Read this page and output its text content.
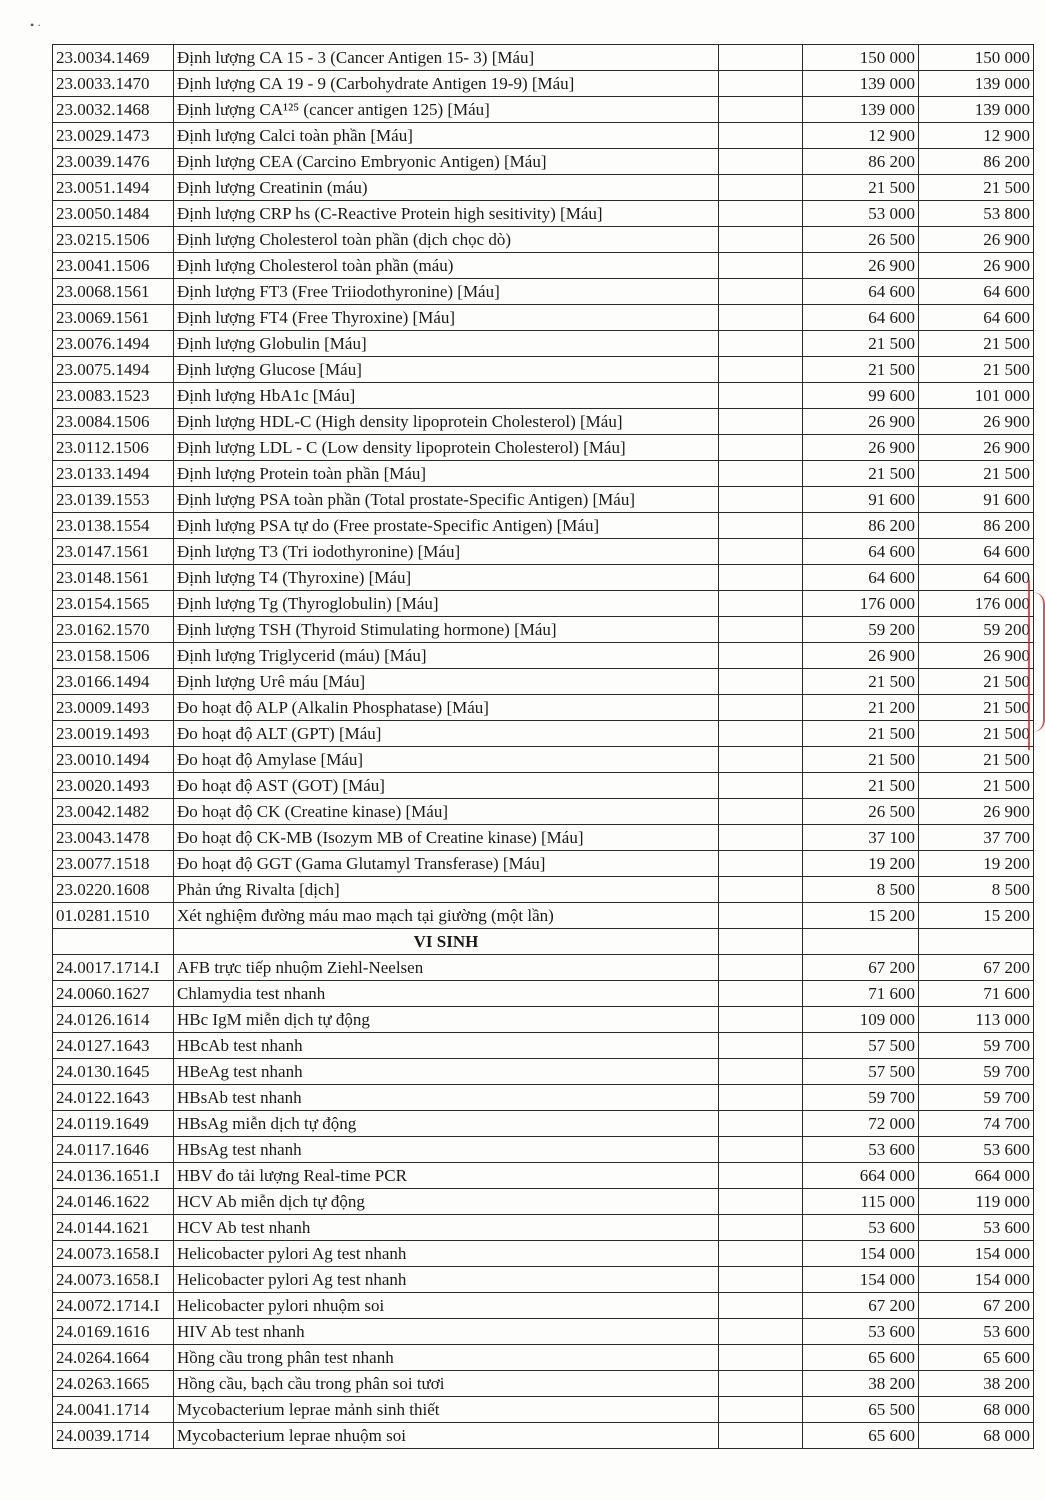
• ·
23.0034.1469	Định lượng CA 15 - 3 (Cancer Antigen 15- 3) [Máu]		150 000	150 000
23.0033.1470	Định lượng CA 19 - 9 (Carbohydrate Antigen 19-9) [Máu]		139 000	139 000
23.0032.1468	Định lượng CA¹²⁵ (cancer antigen 125) [Máu]		139 000	139 000
23.0029.1473	Định lượng Calci toàn phần [Máu]		12 900	12 900
23.0039.1476	Định lượng CEA (Carcino Embryonic Antigen) [Máu]		86 200	86 200
23.0051.1494	Định lượng Creatinin (máu)		21 500	21 500
23.0050.1484	Định lượng CRP hs (C-Reactive Protein high sesitivity) [Máu]		53 000	53 800
23.0215.1506	Định lượng Cholesterol toàn phần (dịch chọc dò)		26 500	26 900
23.0041.1506	Định lượng Cholesterol toàn phần (máu)		26 900	26 900
23.0068.1561	Định lượng FT3 (Free Triiodothyronine) [Máu]		64 600	64 600
23.0069.1561	Định lượng FT4 (Free Thyroxine) [Máu]		64 600	64 600
23.0076.1494	Định lượng Globulin [Máu]		21 500	21 500
23.0075.1494	Định lượng Glucose [Máu]		21 500	21 500
23.0083.1523	Định lượng HbA1c [Máu]		99 600	101 000
23.0084.1506	Định lượng HDL-C (High density lipoprotein Cholesterol) [Máu]		26 900	26 900
23.0112.1506	Định lượng LDL - C (Low density lipoprotein Cholesterol) [Máu]		26 900	26 900
23.0133.1494	Định lượng Protein toàn phần [Máu]		21 500	21 500
23.0139.1553	Định lượng PSA toàn phần (Total prostate-Specific Antigen) [Máu]		91 600	91 600
23.0138.1554	Định lượng PSA tự do (Free prostate-Specific Antigen) [Máu]		86 200	86 200
23.0147.1561	Định lượng T3 (Tri iodothyronine) [Máu]		64 600	64 600
23.0148.1561	Định lượng T4 (Thyroxine) [Máu]		64 600	64 600
23.0154.1565	Định lượng Tg (Thyroglobulin) [Máu]		176 000	176 000
23.0162.1570	Định lượng TSH (Thyroid Stimulating hormone) [Máu]		59 200	59 200
23.0158.1506	Định lượng Triglycerid (máu) [Máu]		26 900	26 900
23.0166.1494	Định lượng Urê máu [Máu]		21 500	21 500
23.0009.1493	Đo hoạt độ ALP (Alkalin Phosphatase) [Máu]		21 200	21 500
23.0019.1493	Đo hoạt độ ALT (GPT) [Máu]		21 500	21 500
23.0010.1494	Đo hoạt độ Amylase [Máu]		21 500	21 500
23.0020.1493	Đo hoạt độ AST (GOT) [Máu]		21 500	21 500
23.0042.1482	Đo hoạt độ CK (Creatine kinase) [Máu]		26 500	26 900
23.0043.1478	Đo hoạt độ CK-MB (Isozym MB of Creatine kinase) [Máu]		37 100	37 700
23.0077.1518	Đo hoạt độ GGT (Gama Glutamyl Transferase) [Máu]		19 200	19 200
23.0220.1608	Phản ứng Rivalta [dịch]		8 500	8 500
01.0281.1510	Xét nghiệm đường máu mao mạch tại giường (một lần)		15 200	15 200
	VI SINH			
24.0017.1714.I	AFB trực tiếp nhuộm Ziehl-Neelsen		67 200	67 200
24.0060.1627	Chlamydia test nhanh		71 600	71 600
24.0126.1614	HBc IgM miễn dịch tự động		109 000	113 000
24.0127.1643	HBcAb test nhanh		57 500	59 700
24.0130.1645	HBeAg test nhanh		57 500	59 700
24.0122.1643	HBsAb test nhanh		59 700	59 700
24.0119.1649	HBsAg miễn dịch tự động		72 000	74 700
24.0117.1646	HBsAg test nhanh		53 600	53 600
24.0136.1651.I	HBV đo tải lượng Real-time PCR		664 000	664 000
24.0146.1622	HCV Ab miễn dịch tự động		115 000	119 000
24.0144.1621	HCV Ab test nhanh		53 600	53 600
24.0073.1658.I	Helicobacter pylori Ag test nhanh		154 000	154 000
24.0073.1658.I	Helicobacter pylori Ag test nhanh		154 000	154 000
24.0072.1714.I	Helicobacter pylori nhuộm soi		67 200	67 200
24.0169.1616	HIV Ab test nhanh		53 600	53 600
24.0264.1664	Hồng cầu trong phân test nhanh		65 600	65 600
24.0263.1665	Hồng cầu, bạch cầu trong phân soi tươi		38 200	38 200
24.0041.1714	Mycobacterium leprae mảnh sinh thiết		65 500	68 000
24.0039.1714	Mycobacterium leprae nhuộm soi		65 600	68 000
